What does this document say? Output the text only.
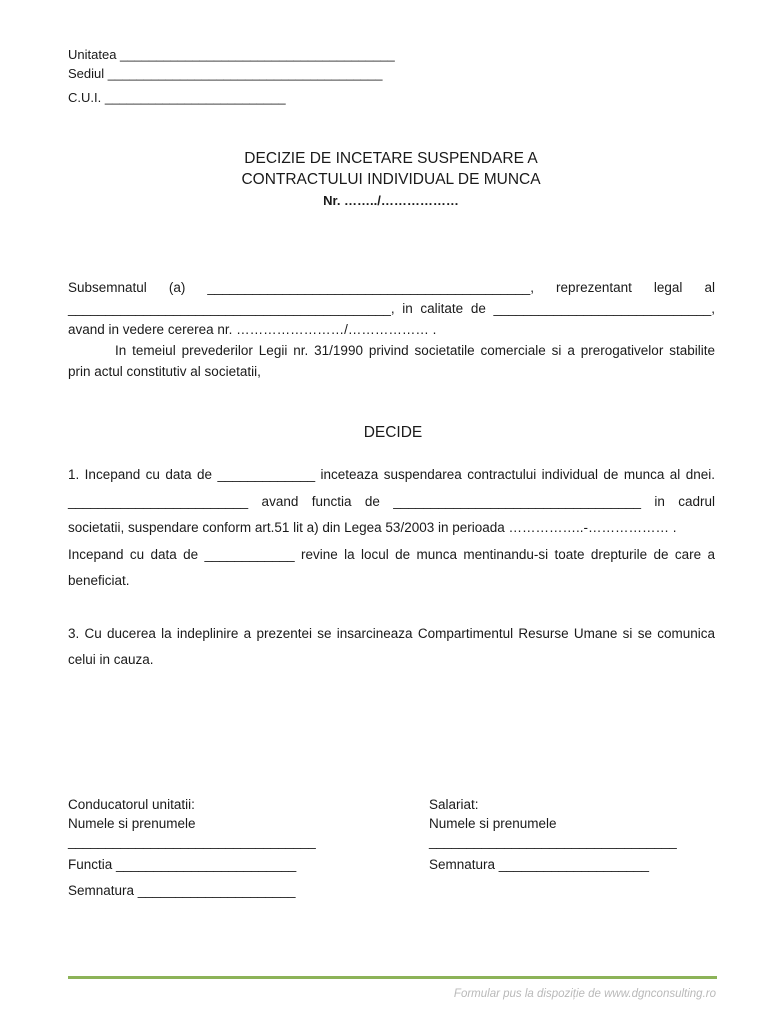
Unitatea ______________________________________
Sediul ______________________________________
C.U.I. _________________________
DECIZIE DE INCETARE SUSPENDARE A
CONTRACTULUI INDIVIDUAL DE MUNCA
Nr. ……../………………

Subsemnatul (a) ___________________________________________, reprezentant legal al ___________________________________________, in calitate de _____________________________, avand in vedere cererea nr. ……………………/……………… .

In temeiul prevederilor Legii nr. 31/1990 privind societatile comerciale si a prerogativelor stabilite prin actul constitutiv al societatii,

DECIDE

1. Incepand cu data de _____________ inceteaza suspendarea contractului individual de munca al dnei. ________________________ avand functia de _________________________________ in cadrul societatii, suspendare conform art.51 lit a) din Legea 53/2003 in perioada ……………..-……………… .

Incepand cu data de ____________ revine la locul de munca mentinandu-si toate drepturile de care a beneficiat.

3. Cu ducerea la indeplinire a prezentei se insarcineaza Compartimentul Resurse Umane si se comunica celui in cauza.

Conducatorul unitatii:
Numele si prenumele
_________________________________
Functia ________________________
Semnatura _____________________
Salariat:
Numele si prenumele
_________________________________
Semnatura ____________________
Formular pus la dispoziție de www.dgnconsulting.ro
